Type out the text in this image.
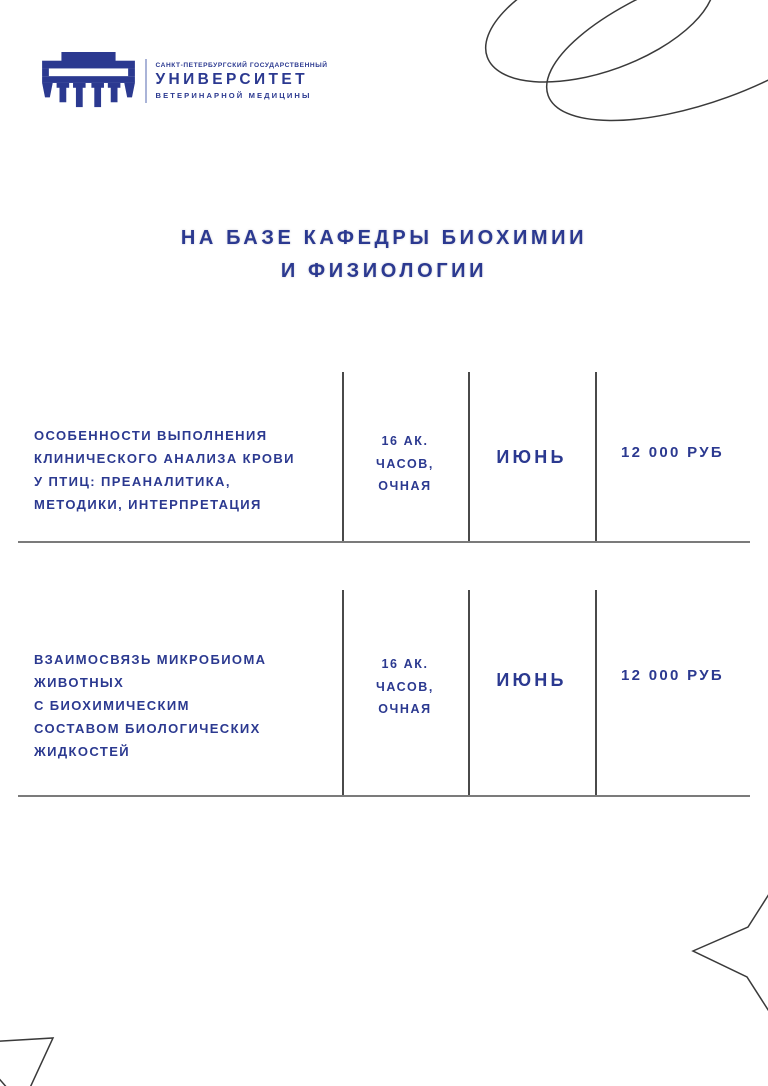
САНКТ-ПЕТЕРБУРГСКИЙ ГОСУДАРСТВЕННЫЙ
УНИВЕРСИТЕТ
ВЕТЕРИНАРНОЙ МЕДИЦИНЫ
НА БАЗЕ КАФЕДРЫ БИОХИМИИ
И ФИЗИОЛОГИИ
ОСОБЕННОСТИ ВЫПОЛНЕНИЯ
КЛИНИЧЕСКОГО АНАЛИЗА КРОВИ
У ПТИЦ: ПРЕАНАЛИТИКА,
МЕТОДИКИ, ИНТЕРПРЕТАЦИЯ
16 АК.
ЧАСОВ,
ОЧНАЯ
ИЮНЬ	12 000 РУБ
ВЗАИМОСВЯЗЬ МИКРОБИОМА
ЖИВОТНЫХ
С БИОХИМИЧЕСКИМ
СОСТАВОМ БИОЛОГИЧЕСКИХ
ЖИДКОСТЕЙ
16 АК.
ЧАСОВ,
ОЧНАЯ
ИЮНЬ	12 000 РУБ
